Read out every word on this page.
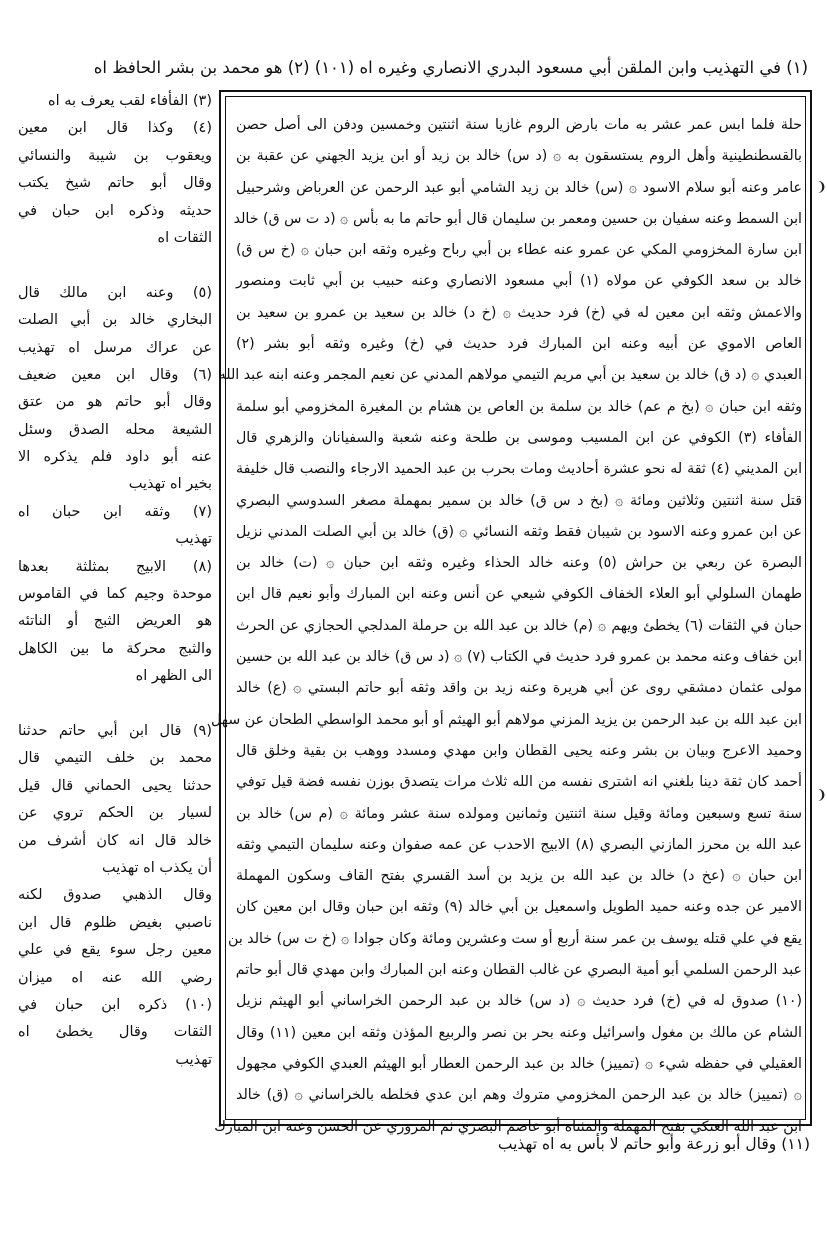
(١) في التهذيب وابن الملقن أبي مسعود البدري الانصاري وغيره اه (١٠١) (٢) هو محمد بن بشر الحافظ اه
حلة فلما ابس عمر عشر به مات بارض الروم غازيا سنة اثنتين وخمسين ودفن الى أصل حصن
بالقسطنطينية وأهل الروم يستسقون به ۞ (د س) خالد بن زيد أو ابن يزيد الجهني عن عقبة بن
عامر وعنه أبو سلام الاسود ۞ (س) خالد بن زيد الشامي أبو عبد الرحمن عن العرباض وشرحبيل
ابن السمط وعنه سفيان بن حسين ومعمر بن سليمان قال أبو حاتم ما به بأس ۞ (د ت س ق) خالد
ابن سارة المخزومي المكي عن عمرو عنه عطاء بن أبي رباح وغيره وثقه ابن حبان ۞ (خ س ق)
خالد بن سعد الكوفي عن مولاه (١) أبي مسعود الانصاري وعنه حبيب بن أبي ثابت ومنصور
والاعمش وثقه ابن معين له في (خ) فرد حديث ۞ (خ د) خالد بن سعيد بن عمرو بن سعيد بن
العاص الاموي عن أبيه وعنه ابن المبارك فرد حديث في (خ) وغيره وثقه أبو بشر (٢)
العبدي ۞ (د ق) خالد بن سعيد بن أبي مريم التيمي مولاهم المدني عن نعيم المجمر وعنه ابنه عبد الله
وثقه ابن حبان ۞ (بخ م عم) خالد بن سلمة بن العاص بن هشام بن المغيرة المخزومي أبو سلمة
الفأفاء (٣) الكوفي عن ابن المسيب وموسى بن طلحة وعنه شعبة والسفيانان والزهري قال
ابن المديني (٤) ثقة له نحو عشرة أحاديث ومات بحرب بن عبد الحميد الارجاء والنصب قال خليفة
قتل سنة اثنتين وثلاثين ومائة ۞ (بخ د س ق) خالد بن سمير بمهملة مصغر السدوسي البصري
عن ابن عمرو وعنه الاسود بن شيبان فقط وثقه النسائي ۞ (ق) خالد بن أبي الصلت المدني نزيل
البصرة عن ربعي بن حراش (٥) وعنه خالد الحذاء وغيره وثقه ابن حبان ۞ (ت) خالد بن
طهمان السلولي أبو العلاء الخفاف الكوفي شيعي عن أنس وعنه ابن المبارك وأبو نعيم قال ابن
حبان في الثقات (٦) يخطئ ويهم ۞ (م) خالد بن عبد الله بن حرملة المدلجي الحجازي عن الحرث
ابن خفاف وعنه محمد بن عمرو فرد حديث في الكتاب (٧) ۞ (د س ق) خالد بن عبد الله بن حسين
مولى عثمان دمشقي روى عن أبي هريرة وعنه زيد بن واقد وثقه أبو حاتم البستي ۞ (ع) خالد
ابن عبد الله بن عبد الرحمن بن يزيد المزني مولاهم أبو الهيثم أو أبو محمد الواسطي الطحان عن سهل
وحميد الاعرج وبيان بن بشر وعنه يحيى القطان وابن مهدي ومسدد ووهب بن بقية وخلق قال
أحمد كان ثقة دينا بلغني انه اشترى نفسه من الله ثلاث مرات يتصدق بوزن نفسه فضة قيل توفي
سنة تسع وسبعين ومائة وقيل سنة اثنتين وثمانين ومولده سنة عشر ومائة ۞ (م س) خالد بن
عبد الله بن محرز المازني البصري (٨) الابيج الاحدب عن عمه صفوان وعنه سليمان التيمي وثقه
ابن حبان ۞ (عخ د) خالد بن عبد الله بن يزيد بن أسد القسري بفتح القاف وسكون المهملة
الامير عن جده وعنه حميد الطويل واسمعيل بن أبي خالد (٩) وثقه ابن حبان وقال ابن معين كان
يقع في علي قتله يوسف بن عمر سنة أربع أو ست وعشرين ومائة وكان جوادا ۞ (خ ت س) خالد بن
عبد الرحمن السلمي أبو أمية البصري عن غالب القطان وعنه ابن المبارك وابن مهدي قال أبو حاتم
(١٠) صدوق له في (خ) فرد حديث ۞ (د س) خالد بن عبد الرحمن الخراساني أبو الهيثم نزيل
الشام عن مالك بن مغول واسرائيل وعنه بحر بن نصر والربيع المؤذن وثقه ابن معين (١١) وقال
العقيلي في حفظه شيء ۞ (تمييز) خالد بن عبد الرحمن العطار أبو الهيثم العبدي الكوفي مجهول
۞ (تمييز) خالد بن عبد الرحمن المخزومي متروك وهم ابن عدي فخلطه بالخراساني ۞ (ق) خالد
ابن عبد الله العتكي بفتح المهملة والمثناة أبو عاصم البصري ثم المروزي عن الحسن وعنه ابن المبارك
(٣) الفأفاء لقب يعرف به اه
(٤) وكذا قال ابن معين
ويعقوب بن شيبة والنسائي
وقال أبو حاتم شيخ يكتب
حديثه وذكره ابن حبان في
الثقات اه
(٥) وعنه ابن مالك قال
البخاري خالد بن أبي الصلت
عن عراك مرسل اه تهذيب
(٦) وقال ابن معين ضعيف
وقال أبو حاتم هو من عتق
الشيعة محله الصدق وسئل
عنه أبو داود فلم يذكره الا
بخير اه تهذيب
(٧) وثقه ابن حبان اه
تهذيب
(٨) الابيج بمثلثة بعدها
موحدة وجيم كما في القاموس
هو العريض الثبج أو الناتئه
والثبج محركة ما بين الكاهل
الى الظهر اه
(٩) قال ابن أبي حاتم حدثنا
محمد بن خلف التيمي قال
حدثنا يحيى الحماني قال قيل
لسيار بن الحكم تروي عن
خالد قال انه كان أشرف من
أن يكذب اه تهذيب
وقال الذهبي صدوق لكنه
ناصبي بغيض ظلوم قال ابن
معين رجل سوء يقع في علي
رضي الله عنه اه ميزان
(١٠) ذكره ابن حبان في
الثقات وقال يخطئ اه
تهذيب
(١١) وقال أبو زرعة وأبو حاتم لا بأس به اه تهذيب
❨
❨
